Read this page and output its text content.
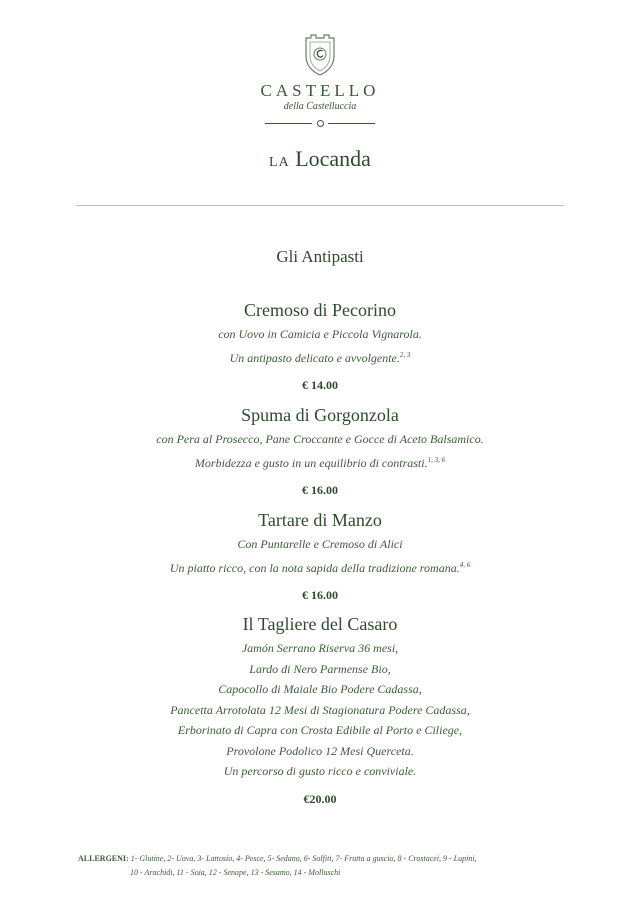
CASTELLO
della Castelluccia
LA Locanda
Gli Antipasti
Cremoso di Pecorino
con Uovo in Camicia e Piccola Vignarola.
Un antipasto delicato e avvolgente.$^{2, 3}$
€ 14.00
Spuma di Gorgonzola
con Pera al Prosecco, Pane Croccante e Gocce di Aceto Balsamico.
Morbidezza e gusto in un equilibrio di contrasti.$^{1, 3, 6}$
€ 16.00
Tartare di Manzo
Con Puntarelle e Cremoso di Alici
Un piatto ricco, con la nota sapida della tradizione romana.$^{4, 6}$
€ 16.00
Il Tagliere del Casaro
Jamón Serrano Riserva 36 mesi,
Lardo di Nero Parmense Bio,
Capocollo di Maiale Bio Podere Cadassa,
Pancetta Arrotolata 12 Mesi di Stagionatura Podere Cadassa,
Erborinato di Capra con Crosta Edibile al Porto e Ciliege,
Provolone Podolico 12 Mesi Querceta.
Un percorso di gusto ricco e conviviale.
€20.00
ALLERGENI: 1- Glutine, 2- Uova, 3- Lattosio, 4- Pesce, 5- Sedano, 6- Solfiti, 7- Frutta a guscio, 8 - Crostacei, 9 - Lupini,
10 - Arachidi, 11 - Soia, 12 - Senape, 13 - Sesamo, 14 - Molluschi
